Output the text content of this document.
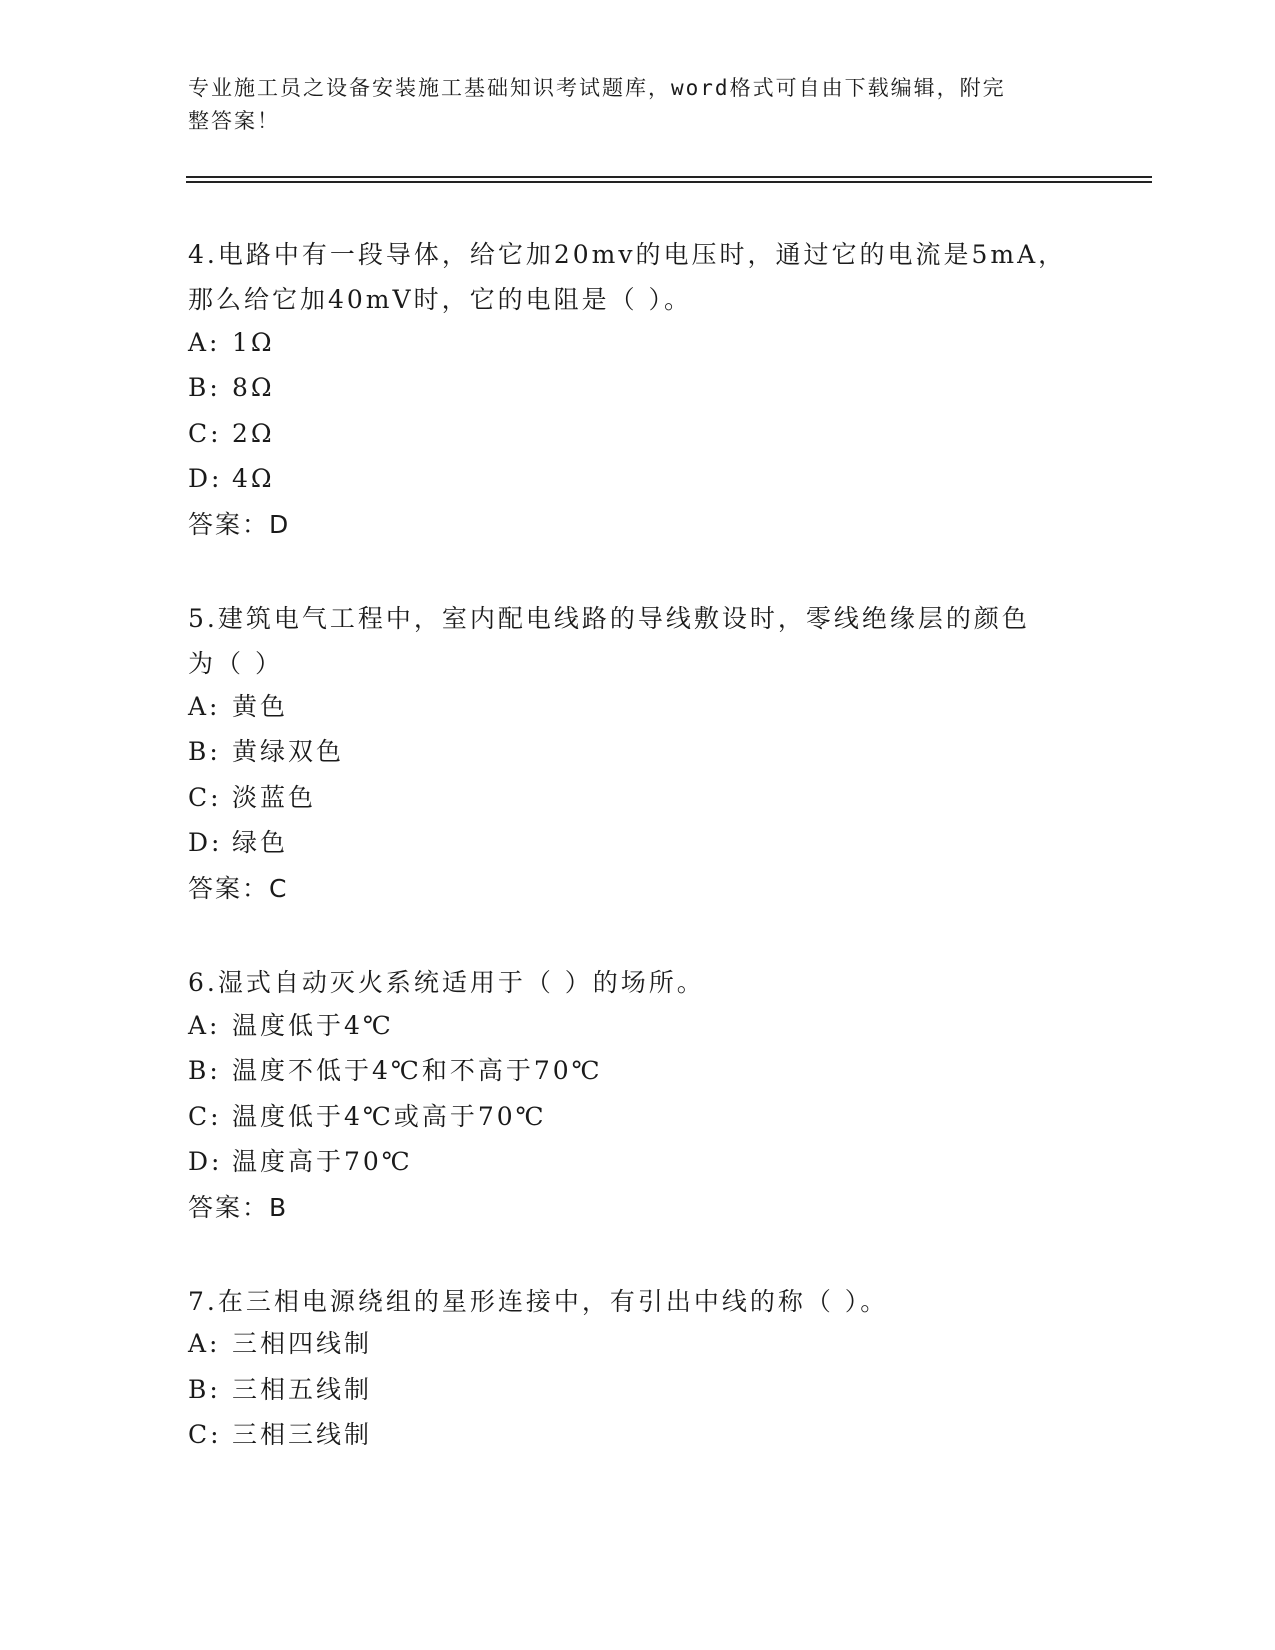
专业施工员之设备安装施工基础知识考试题库，word格式可自由下载编辑，附完
整答案！
4.电路中有一段导体，给它加20mv的电压时，通过它的电流是5mA，
那么给它加40mV时，它的电阻是（ ）。
A: 1Ω
B: 8Ω
C: 2Ω
D: 4Ω
答案：D
5.建筑电气工程中，室内配电线路的导线敷设时，零线绝缘层的颜色
为（ ）
A: 黄色
B: 黄绿双色
C: 淡蓝色
D: 绿色
答案：C
6.湿式自动灭火系统适用于（ ）的场所。
A: 温度低于4℃
B: 温度不低于4℃和不高于70℃
C: 温度低于4℃或高于70℃
D: 温度高于70℃
答案：B
7.在三相电源绕组的星形连接中，有引出中线的称（ ）。
A: 三相四线制
B: 三相五线制
C: 三相三线制
